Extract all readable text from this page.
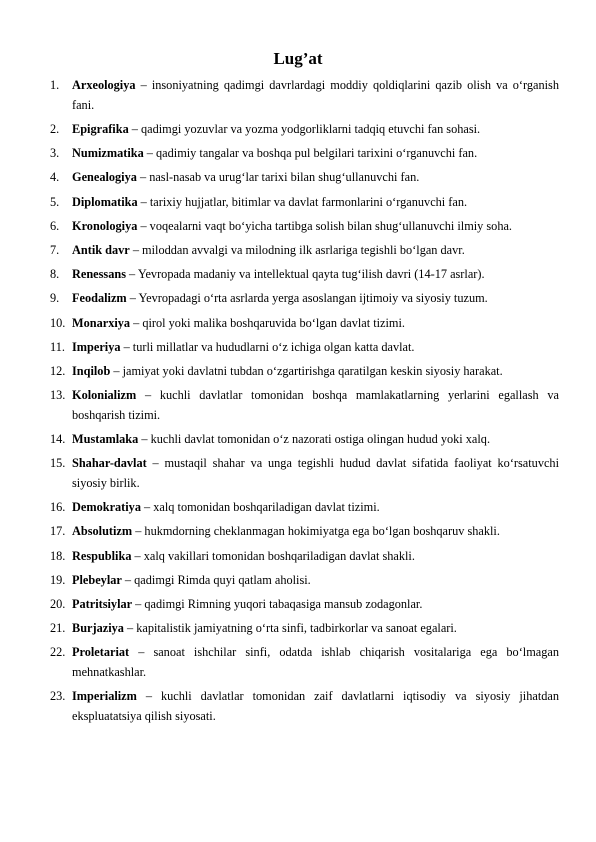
Lug’at
1. Arxeologiya – insoniyatning qadimgi davrlardagi moddiy qoldiqlarini qazib olish va o‘rganish fani.
2. Epigrafika – qadimgi yozuvlar va yozma yodgorliklarni tadqiq etuvchi fan sohasi.
3. Numizmatika – qadimiy tangalar va boshqa pul belgilari tarixini o‘rganuvchi fan.
4. Genealogiya – nasl-nasab va urug‘lar tarixi bilan shug‘ullanuvchi fan.
5. Diplomatika – tarixiy hujjatlar, bitimlar va davlat farmonlarini o‘rganuvchi fan.
6. Kronologiya – voqealarni vaqt bo‘yicha tartibga solish bilan shug‘ullanuvchi ilmiy soha.
7. Antik davr – miloddan avvalgi va milodning ilk asrlariga tegishli bo‘lgan davr.
8. Renessans – Yevropada madaniy va intellektual qayta tug‘ilish davri (14-17 asrlar).
9. Feodalizm – Yevropadagi o‘rta asrlarda yerga asoslangan ijtimoiy va siyosiy tuzum.
10. Monarxiya – qirol yoki malika boshqaruvida bo‘lgan davlat tizimi.
11. Imperiya – turli millatlar va hududlarni o‘z ichiga olgan katta davlat.
12. Inqilob – jamiyat yoki davlatni tubdan o‘zgartirishga qaratilgan keskin siyosiy harakat.
13. Kolonializm – kuchli davlatlar tomonidan boshqa mamlakatlarning yerlarini egallash va boshqarish tizimi.
14. Mustamlaka – kuchli davlat tomonidan o‘z nazorati ostiga olingan hudud yoki xalq.
15. Shahar-davlat – mustaqil shahar va unga tegishli hudud davlat sifatida faoliyat ko‘rsatuvchi siyosiy birlik.
16. Demokratiya – xalq tomonidan boshqariladigan davlat tizimi.
17. Absolutizm – hukmdorning cheklanmagan hokimiyatga ega bo‘lgan boshqaruv shakli.
18. Respublika – xalq vakillari tomonidan boshqariladigan davlat shakli.
19. Plebeylar – qadimgi Rimda quyi qatlam aholisi.
20. Patritsiylar – qadimgi Rimning yuqori tabaqasiga mansub zodagonlar.
21. Burjaziya – kapitalistik jamiyatning o‘rta sinfi, tadbirkorlar va sanoat egalari.
22. Proletariat – sanoat ishchilar sinfi, odatda ishlab chiqarish vositalariga ega bo‘lmagan mehnatkashlar.
23. Imperializm – kuchli davlatlar tomonidan zaif davlatlarni iqtisodiy va siyosiy jihatdan ekspluatatsiya qilish siyosati.
